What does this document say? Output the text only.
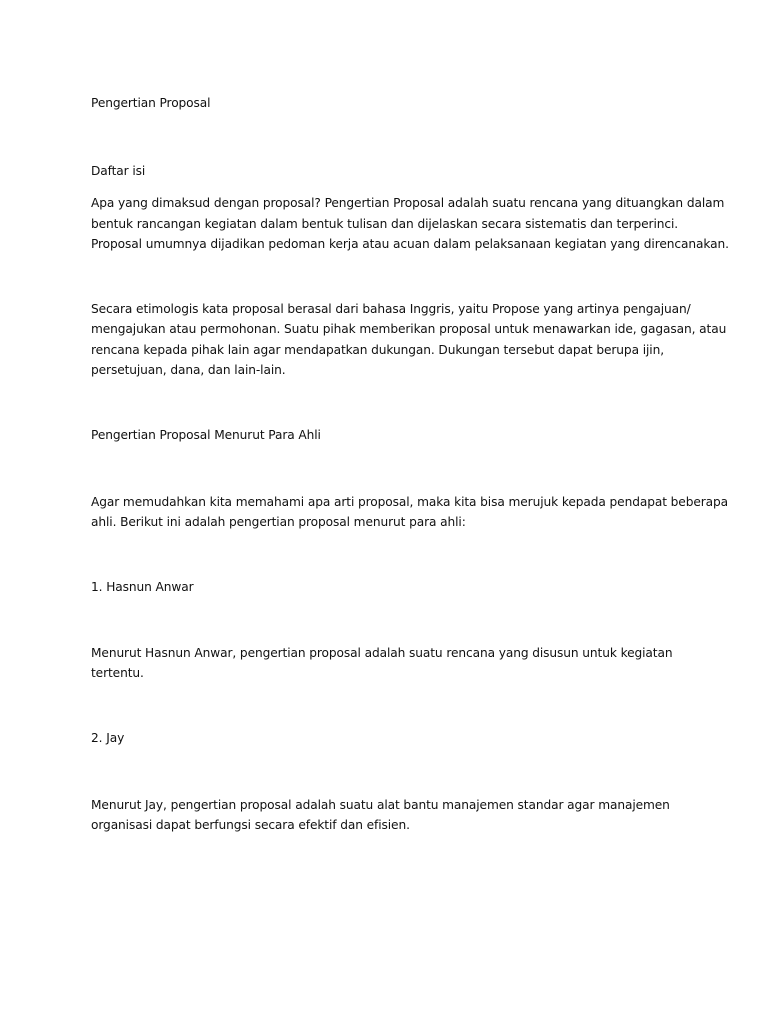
Pengertian Proposal
Daftar isi
Apa yang dimaksud dengan proposal? Pengertian Proposal adalah suatu rencana yang dituangkan dalam
bentuk rancangan kegiatan dalam bentuk tulisan dan dijelaskan secara sistematis dan terperinci.
Proposal umumnya dijadikan pedoman kerja atau acuan dalam pelaksanaan kegiatan yang direncanakan.
Secara etimologis kata proposal berasal dari bahasa Inggris, yaitu Propose yang artinya pengajuan/
mengajukan atau permohonan. Suatu pihak memberikan proposal untuk menawarkan ide, gagasan, atau
rencana kepada pihak lain agar mendapatkan dukungan. Dukungan tersebut dapat berupa ijin,
persetujuan, dana, dan lain-lain.
Pengertian Proposal Menurut Para Ahli
Agar memudahkan kita memahami apa arti proposal, maka kita bisa merujuk kepada pendapat beberapa
ahli. Berikut ini adalah pengertian proposal menurut para ahli:
1. Hasnun Anwar
Menurut Hasnun Anwar, pengertian proposal adalah suatu rencana yang disusun untuk kegiatan
tertentu.
2. Jay
Menurut Jay, pengertian proposal adalah suatu alat bantu manajemen standar agar manajemen
organisasi dapat berfungsi secara efektif dan efisien.
